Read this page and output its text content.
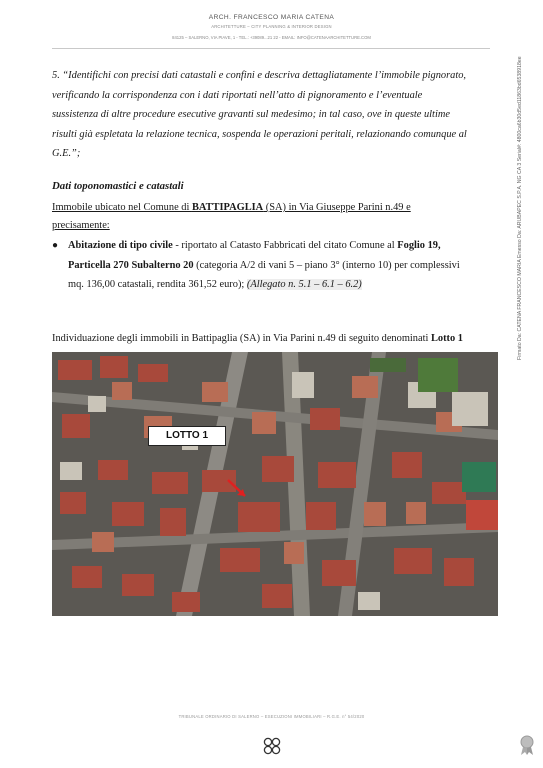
ARCH. FRANCESCO MARIA CATENA
ARCHITETTURE – CITY PLANNING & INTERIOR DESIGN
84125 – SALERNO, VIA PIAVE, 1 - TEL.: +39089...21 22 - EMAIL: INFO@CATENAARCHITETTURE.COM
5. “Identifichi con precisi dati catastali e confini e descriva dettagliatamente l’immobile pignorato,
verificando la corrispondenza con i dati riportati nell’atto di pignoramento e l’eventuale
sussistenza di altre procedure esecutive gravanti sul medesimo; in tal caso, ove in queste ultime
risulti già espletata la relazione tecnica, sospenda le operazioni peritali, relazionando comunque al
G.E.”;
Dati toponomastici e catastali
Immobile ubicato nel Comune di BATTIPAGLIA (SA) in Via Giuseppe Parini n.49 e
precisamente:
● Abitazione di tipo civile - riportato al Catasto Fabbricati del citato Comune al Foglio 19,
Particella 270 Subalterno 20 (categoria A/2 di vani 5 – piano 3° (interno 10) per complessivi
mq. 136,00 catastali, rendita 361,52 euro); (Allegato n. 5.1 – 6.1 – 6.2)
Individuazione degli immobili in Battipaglia (SA) in Via Parini n.49 di seguito denominati Lotto 1
LOTTO 1
TRIBUNALE ORDINARIO DI SALERNO – ESECUZIONI IMMOBILIARI – R.G.E. n° 54/2020
Firmato Da: CATENA FRANCESCO MARIA Emesso Da: ARUBAPEC S.P.A. NG CA 3 Serial#: 4800ca6b30d5ed11863bd6538918ee
